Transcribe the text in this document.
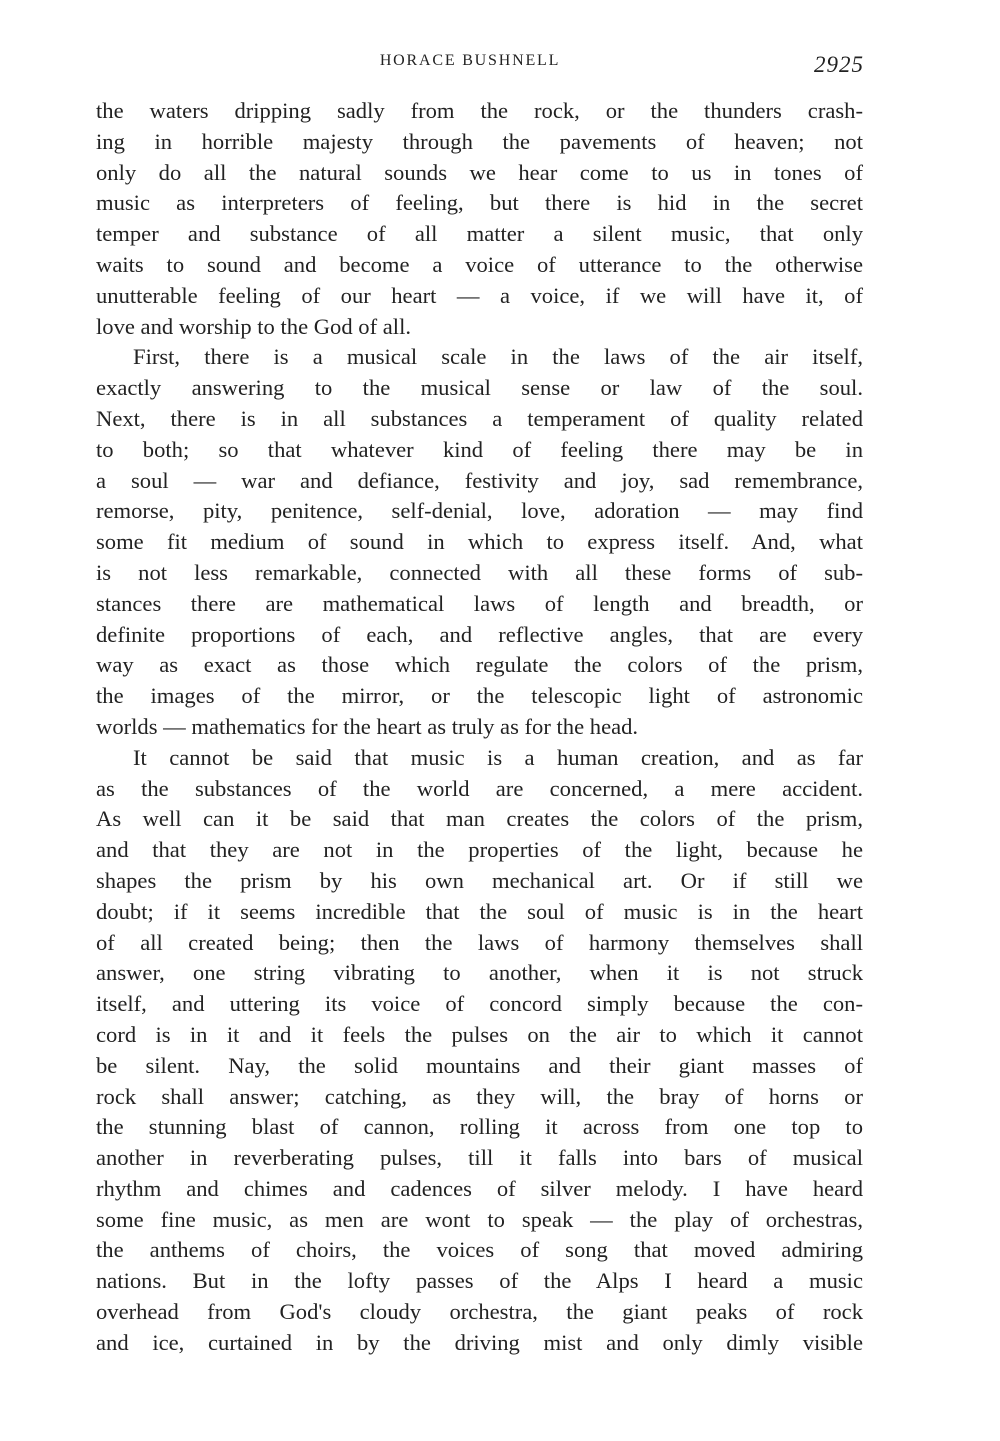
HORACE BUSHNELL	2925
the waters dripping sadly from the rock, or the thunders crash-
ing in horrible majesty through the pavements of heaven; not
only do all the natural sounds we hear come to us in tones of
music as interpreters of feeling, but there is hid in the secret
temper and substance of all matter a silent music, that only
waits to sound and become a voice of utterance to the otherwise
unutterable feeling of our heart — a voice, if we will have it, of
love and worship to the God of all.
First, there is a musical scale in the laws of the air itself,
exactly answering to the musical sense or law of the soul.
Next, there is in all substances a temperament of quality related
to both; so that whatever kind of feeling there may be in
a soul — war and defiance, festivity and joy, sad remembrance,
remorse, pity, penitence, self-denial, love, adoration — may find
some fit medium of sound in which to express itself. And, what
is not less remarkable, connected with all these forms of sub-
stances there are mathematical laws of length and breadth, or
definite proportions of each, and reflective angles, that are every
way as exact as those which regulate the colors of the prism,
the images of the mirror, or the telescopic light of astronomic
worlds — mathematics for the heart as truly as for the head.
It cannot be said that music is a human creation, and as far
as the substances of the world are concerned, a mere accident.
As well can it be said that man creates the colors of the prism,
and that they are not in the properties of the light, because he
shapes the prism by his own mechanical art. Or if still we
doubt; if it seems incredible that the soul of music is in the heart
of all created being; then the laws of harmony themselves shall
answer, one string vibrating to another, when it is not struck
itself, and uttering its voice of concord simply because the con-
cord is in it and it feels the pulses on the air to which it cannot
be silent. Nay, the solid mountains and their giant masses of
rock shall answer; catching, as they will, the bray of horns or
the stunning blast of cannon, rolling it across from one top to
another in reverberating pulses, till it falls into bars of musical
rhythm and chimes and cadences of silver melody. I have heard
some fine music, as men are wont to speak — the play of orchestras,
the anthems of choirs, the voices of song that moved admiring
nations. But in the lofty passes of the Alps I heard a music
overhead from God's cloudy orchestra, the giant peaks of rock
and ice, curtained in by the driving mist and only dimly visible
